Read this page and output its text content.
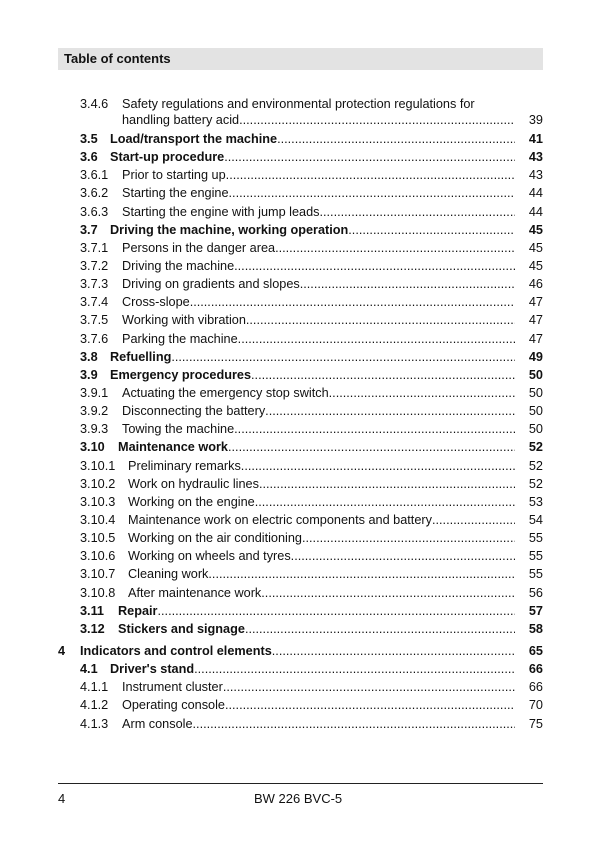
Table of contents
3.4.6 Safety regulations and environmental protection regulations for
handling battery acid .....	39
3.5 Load/transport the machine .....	41
3.6 Start-up procedure .....	43
3.6.1 Prior to starting up .....	43
3.6.2 Starting the engine .....	44
3.6.3 Starting the engine with jump leads .....	44
3.7 Driving the machine, working operation .....	45
3.7.1 Persons in the danger area .....	45
3.7.2 Driving the machine .....	45
3.7.3 Driving on gradients and slopes .....	46
3.7.4 Cross-slope .....	47
3.7.5 Working with vibration .....	47
3.7.6 Parking the machine .....	47
3.8 Refuelling .....	49
3.9 Emergency procedures .....	50
3.9.1 Actuating the emergency stop switch .....	50
3.9.2 Disconnecting the battery .....	50
3.9.3 Towing the machine .....	50
3.10 Maintenance work .....	52
3.10.1 Preliminary remarks .....	52
3.10.2 Work on hydraulic lines .....	52
3.10.3 Working on the engine .....	53
3.10.4 Maintenance work on electric components and battery .....	54
3.10.5 Working on the air conditioning .....	55
3.10.6 Working on wheels and tyres .....	55
3.10.7 Cleaning work .....	55
3.10.8 After maintenance work .....	56
3.11 Repair .....	57
3.12 Stickers and signage .....	58
4 Indicators and control elements .....	65
4.1 Driver's stand .....	66
4.1.1 Instrument cluster .....	66
4.1.2 Operating console .....	70
4.1.3 Arm console .....	75
4	BW 226 BVC-5
